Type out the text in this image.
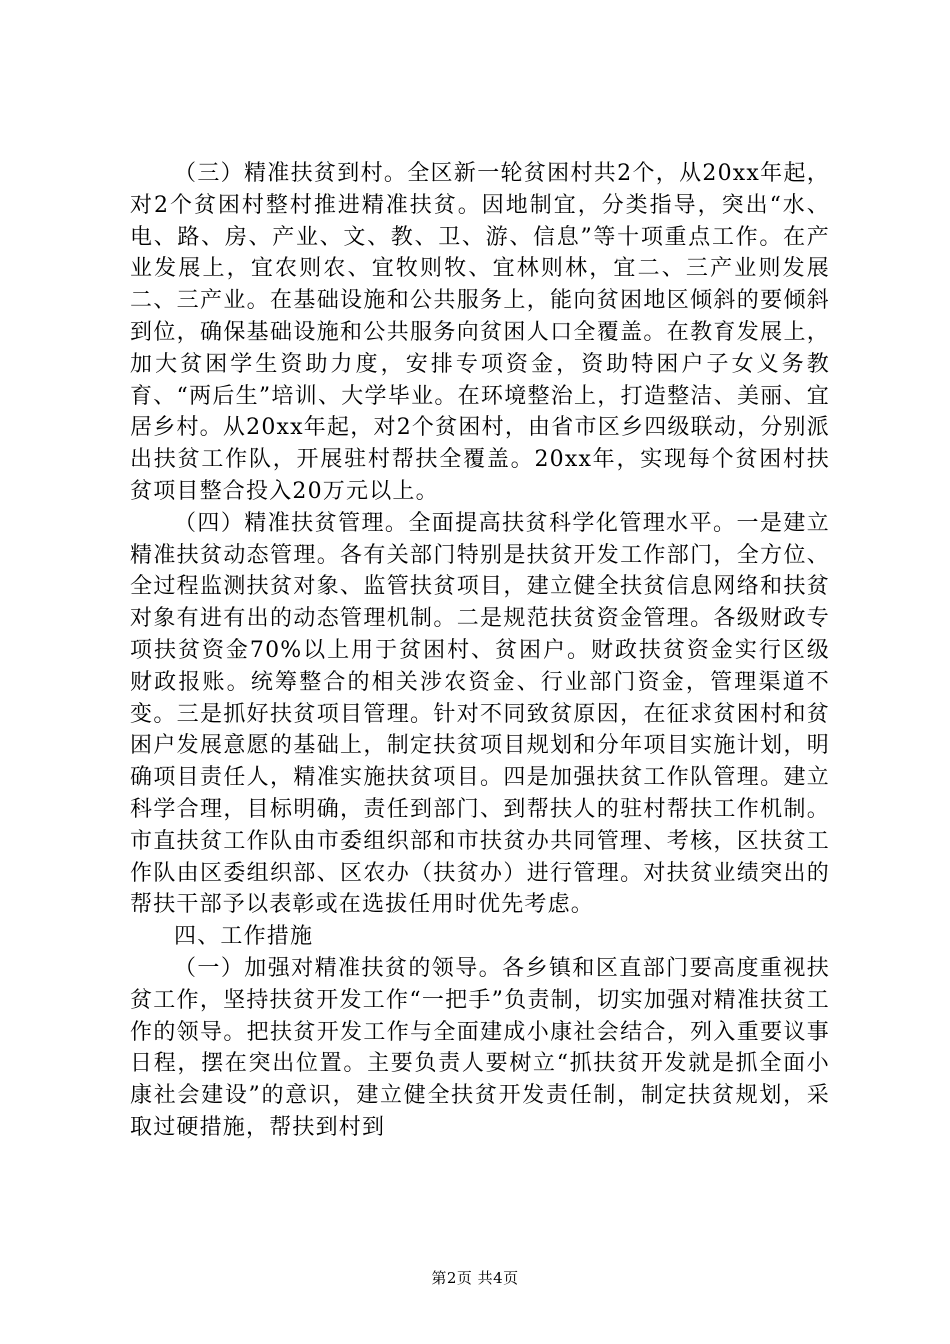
（三）精准扶贫到村。全区新一轮贫困村共2个，从20xx年起，对2个贫困村整村推进精准扶贫。因地制宜，分类指导，突出“水、电、路、房、产业、文、教、卫、游、信息”等十项重点工作。在产业发展上，宜农则农、宜牧则牧、宜林则林，宜二、三产业则发展二、三产业。在基础设施和公共服务上，能向贫困地区倾斜的要倾斜到位，确保基础设施和公共服务向贫困人口全覆盖。在教育发展上，加大贫困学生资助力度，安排专项资金，资助特困户子女义务教育、“两后生”培训、大学毕业。在环境整治上，打造整洁、美丽、宜居乡村。从20xx年起，对2个贫困村，由省市区乡四级联动，分别派出扶贫工作队，开展驻村帮扶全覆盖。20xx年，实现每个贫困村扶贫项目整合投入20万元以上。

（四）精准扶贫管理。全面提高扶贫科学化管理水平。一是建立精准扶贫动态管理。各有关部门特别是扶贫开发工作部门，全方位、全过程监测扶贫对象、监管扶贫项目，建立健全扶贫信息网络和扶贫对象有进有出的动态管理机制。二是规范扶贫资金管理。各级财政专项扶贫资金70%以上用于贫困村、贫困户。财政扶贫资金实行区级财政报账。统筹整合的相关涉农资金、行业部门资金，管理渠道不变。三是抓好扶贫项目管理。针对不同致贫原因，在征求贫困村和贫困户发展意愿的基础上，制定扶贫项目规划和分年项目实施计划，明确项目责任人，精准实施扶贫项目。四是加强扶贫工作队管理。建立科学合理，目标明确，责任到部门、到帮扶人的驻村帮扶工作机制。市直扶贫工作队由市委组织部和市扶贫办共同管理、考核，区扶贫工作队由区委组织部、区农办（扶贫办）进行管理。对扶贫业绩突出的帮扶干部予以表彰或在选拔任用时优先考虑。

四、工作措施

（一）加强对精准扶贫的领导。各乡镇和区直部门要高度重视扶贫工作，坚持扶贫开发工作“一把手”负责制，切实加强对精准扶贫工作的领导。把扶贫开发工作与全面建成小康社会结合，列入重要议事日程，摆在突出位置。主要负责人要树立“抓扶贫开发就是抓全面小康社会建设”的意识，建立健全扶贫开发责任制，制定扶贫规划，采取过硬措施，帮扶到村到

第2页 共4页
